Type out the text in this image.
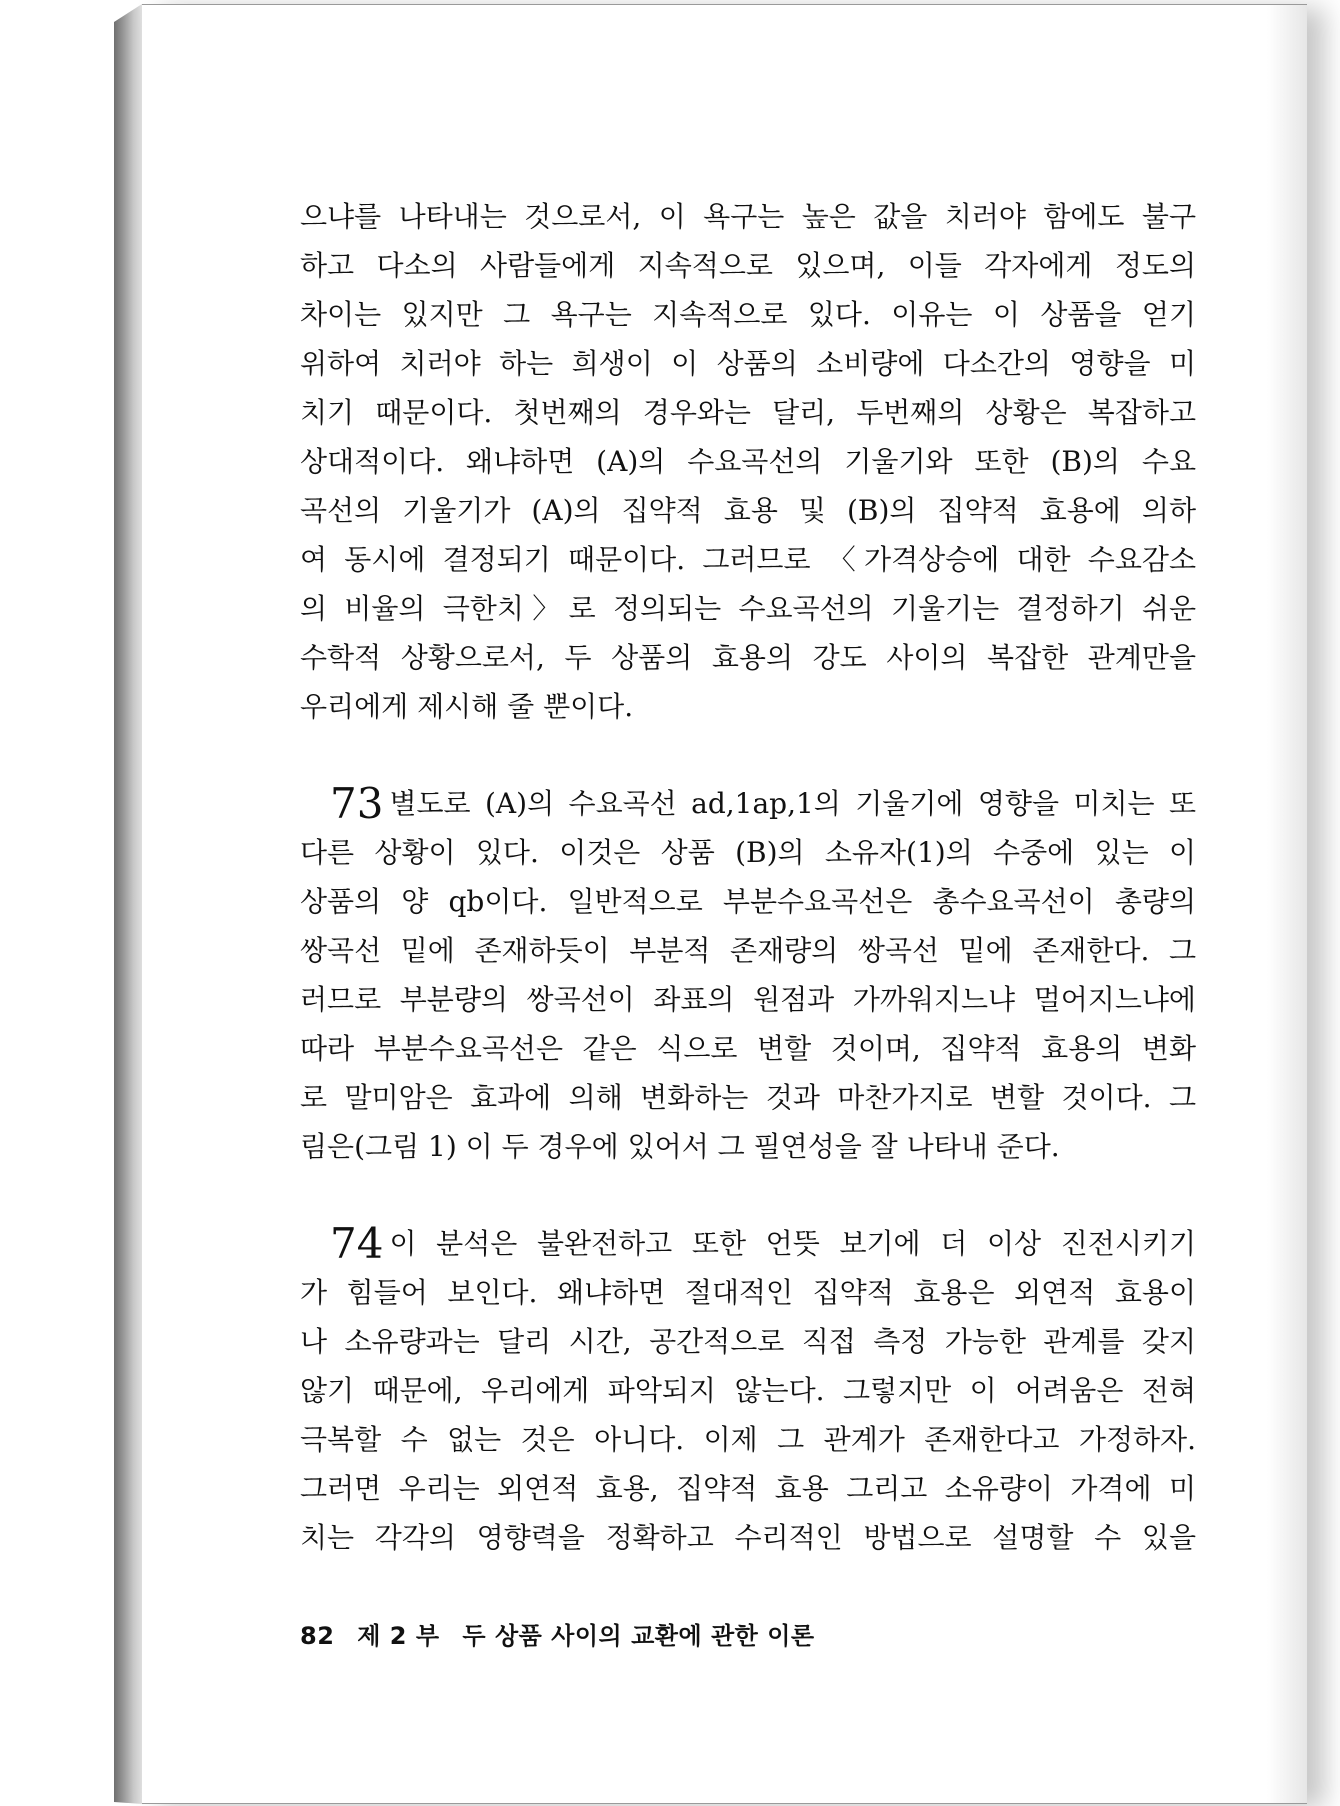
으냐를 나타내는 것으로서, 이 욕구는 높은 값을 치러야 함에도 불구
하고 다소의 사람들에게 지속적으로 있으며, 이들 각자에게 정도의
차이는 있지만 그 욕구는 지속적으로 있다. 이유는 이 상품을 얻기
위하여 치러야 하는 희생이 이 상품의 소비량에 다소간의 영향을 미
치기 때문이다. 첫번째의 경우와는 달리, 두번째의 상황은 복잡하고
상대적이다. 왜냐하면 (A)의 수요곡선의 기울기와 또한 (B)의 수요
곡선의 기울기가 (A)의 집약적 효용 및 (B)의 집약적 효용에 의하
여 동시에 결정되기 때문이다. 그러므로 〈가격상승에 대한 수요감소
의 비율의 극한치〉로 정의되는 수요곡선의 기울기는 결정하기 쉬운
수학적 상황으로서, 두 상품의 효용의 강도 사이의 복잡한 관계만을
우리에게 제시해 줄 뿐이다.
73 별도로 (A)의 수요곡선 ad,1ap,1의 기울기에 영향을 미치는 또
다른 상황이 있다. 이것은 상품 (B)의 소유자(1)의 수중에 있는 이
상품의 양 qb이다. 일반적으로 부분수요곡선은 총수요곡선이 총량의
쌍곡선 밑에 존재하듯이 부분적 존재량의 쌍곡선 밑에 존재한다. 그
러므로 부분량의 쌍곡선이 좌표의 원점과 가까워지느냐 멀어지느냐에
따라 부분수요곡선은 같은 식으로 변할 것이며, 집약적 효용의 변화
로 말미암은 효과에 의해 변화하는 것과 마찬가지로 변할 것이다. 그
림은(그림 1) 이 두 경우에 있어서 그 필연성을 잘 나타내 준다.
74 이 분석은 불완전하고 또한 언뜻 보기에 더 이상 진전시키기
가 힘들어 보인다. 왜냐하면 절대적인 집약적 효용은 외연적 효용이
나 소유량과는 달리 시간, 공간적으로 직접 측정 가능한 관계를 갖지
않기 때문에, 우리에게 파악되지 않는다. 그렇지만 이 어려움은 전혀
극복할 수 없는 것은 아니다. 이제 그 관계가 존재한다고 가정하자.
그러면 우리는 외연적 효용, 집약적 효용 그리고 소유량이 가격에 미
치는 각각의 영향력을 정확하고 수리적인 방법으로 설명할 수 있을
82 제 2 부 두 상품 사이의 교환에 관한 이론
